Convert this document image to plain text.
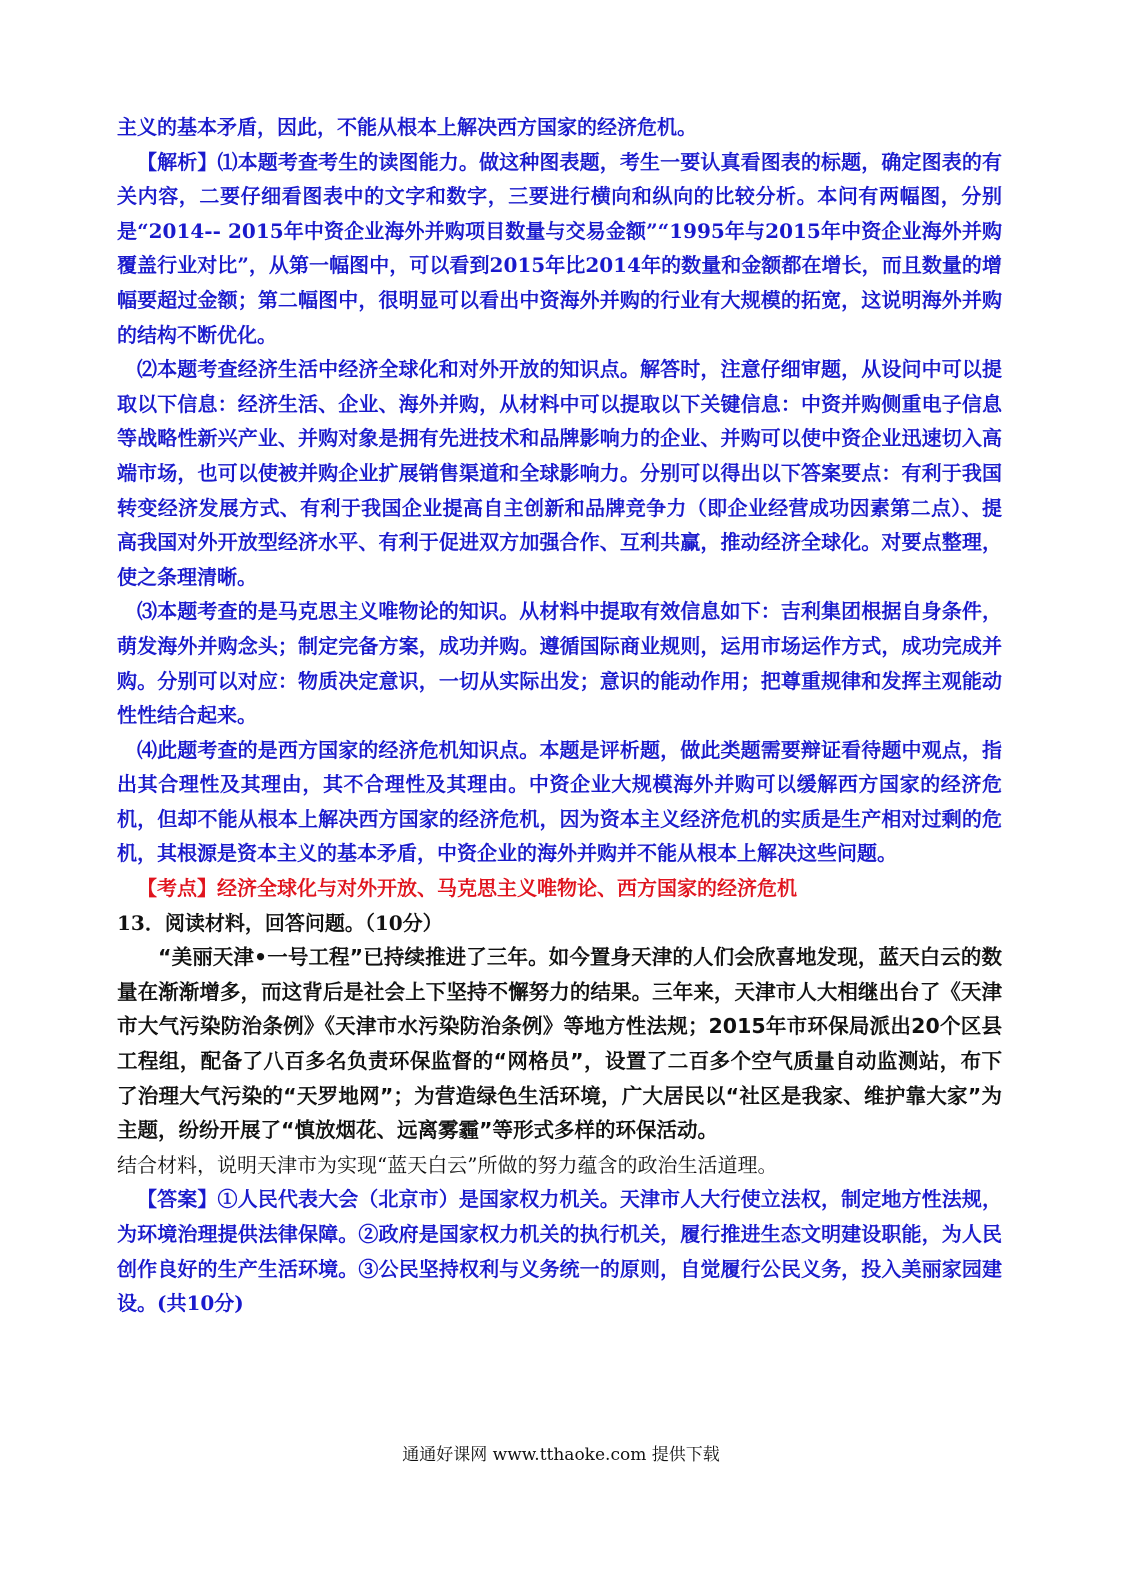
主义的基本矛盾，因此，不能从根本上解决西方国家的经济危机。

【解析】⑴本题考查考生的读图能力。做这种图表题，考生一要认真看图表的标题，确定图表的有关内容，二要仔细看图表中的文字和数字，三要进行横向和纵向的比较分析。本问有两幅图，分别是“2014-- 2015年中资企业海外并购项目数量与交易金额”“1995年与2015年中资企业海外并购覆盖行业对比”，从第一幅图中，可以看到2015年比2014年的数量和金额都在增长，而且数量的增幅要超过金额；第二幅图中，很明显可以看出中资海外并购的行业有大规模的拓宽，这说明海外并购的结构不断优化。

⑵本题考查经济生活中经济全球化和对外开放的知识点。解答时，注意仔细审题，从设问中可以提取以下信息：经济生活、企业、海外并购，从材料中可以提取以下关键信息：中资并购侧重电子信息等战略性新兴产业、并购对象是拥有先进技术和品牌影响力的企业、并购可以使中资企业迅速切入高端市场，也可以使被并购企业扩展销售渠道和全球影响力。分别可以得出以下答案要点：有利于我国转变经济发展方式、有利于我国企业提高自主创新和品牌竞争力（即企业经营成功因素第二点）、提高我国对外开放型经济水平、有利于促进双方加强合作、互利共赢，推动经济全球化。对要点整理，使之条理清晰。

⑶本题考查的是马克思主义唯物论的知识。从材料中提取有效信息如下：吉利集团根据自身条件，萌发海外并购念头；制定完备方案，成功并购。遵循国际商业规则，运用市场运作方式，成功完成并购。分别可以对应：物质决定意识，一切从实际出发；意识的能动作用；把尊重规律和发挥主观能动性性结合起来。

⑷此题考查的是西方国家的经济危机知识点。本题是评析题，做此类题需要辩证看待题中观点，指出其合理性及其理由，其不合理性及其理由。中资企业大规模海外并购可以缓解西方国家的经济危机，但却不能从根本上解决西方国家的经济危机，因为资本主义经济危机的实质是生产相对过剩的危机，其根源是资本主义的基本矛盾，中资企业的海外并购并不能从根本上解决这些问题。

【考点】经济全球化与对外开放、马克思主义唯物论、西方国家的经济危机

13．阅读材料，回答问题。（10分）

“美丽天津•一号工程”已持续推进了三年。如今置身天津的人们会欣喜地发现，蓝天白云的数量在渐渐增多，而这背后是社会上下坚持不懈努力的结果。三年来，天津市人大相继出台了《天津市大气污染防治条例》《天津市水污染防治条例》等地方性法规；2015年市环保局派出20个区县工程组，配备了八百多名负责环保监督的“网格员”，设置了二百多个空气质量自动监测站，布下了治理大气污染的“天罗地网”；为营造绿色生活环境，广大居民以“社区是我家、维护靠大家”为主题，纷纷开展了“慎放烟花、远离雾霾”等形式多样的环保活动。

结合材料，说明天津市为实现“蓝天白云”所做的努力蕴含的政治生活道理。

【答案】①人民代表大会（北京市）是国家权力机关。天津市人大行使立法权，制定地方性法规，为环境治理提供法律保障。②政府是国家权力机关的执行机关，履行推进生态文明建设职能，为人民创作良好的生产生活环境。③公民坚持权利与义务统一的原则，自觉履行公民义务，投入美丽家园建设。(共10分)

通通好课网 www.tthaoke.com 提供下载
